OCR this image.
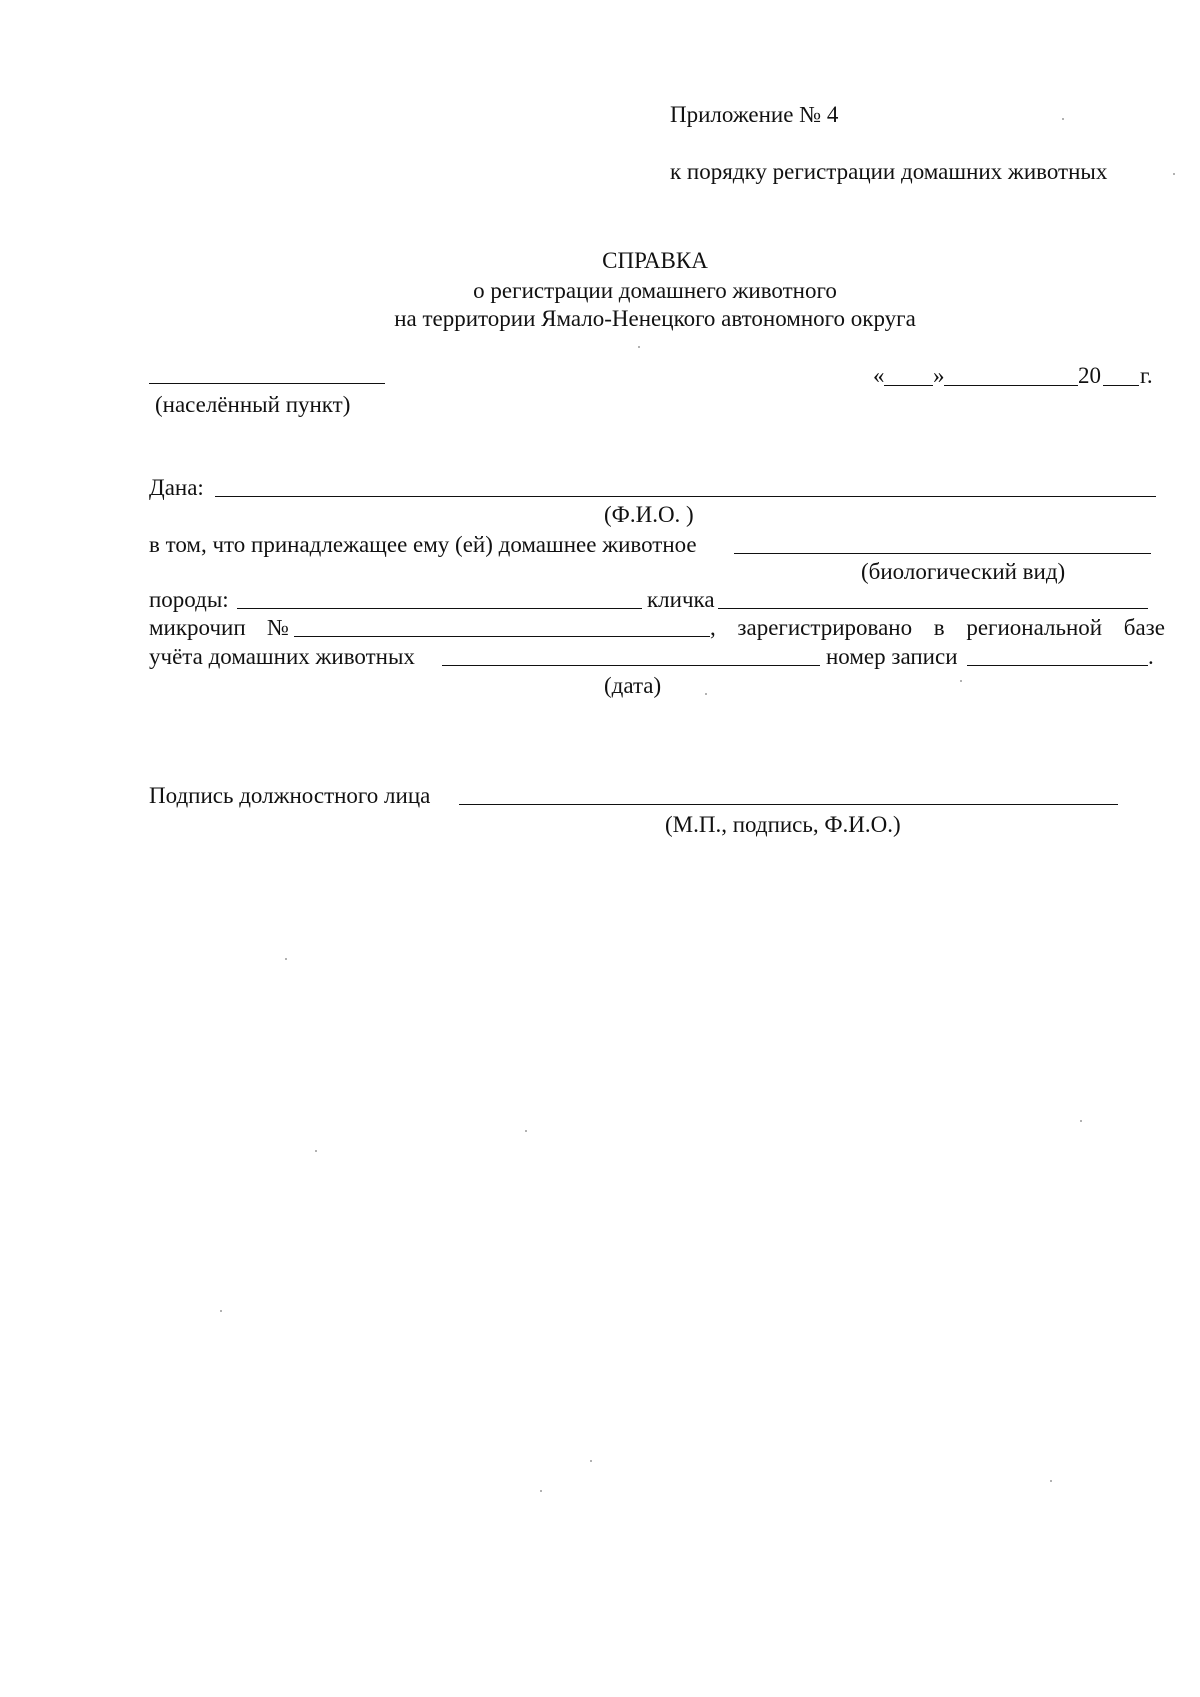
Приложение № 4
к порядку регистрации домашних животных
СПРАВКА
о регистрации домашнего животного
на территории Ямало-Ненецкого автономного округа
(населённый пункт)
« »	20 г.
Дана:
(Ф.И.О. )
в том, что принадлежащее ему (ей) домашнее животное
(биологический вид)
породы:	кличка
микрочип №	, зарегистрировано в региональной базе
учёта домашних животных	номер записи	.
(дата)
Подпись должностного лица
(М.П., подпись, Ф.И.О.)
